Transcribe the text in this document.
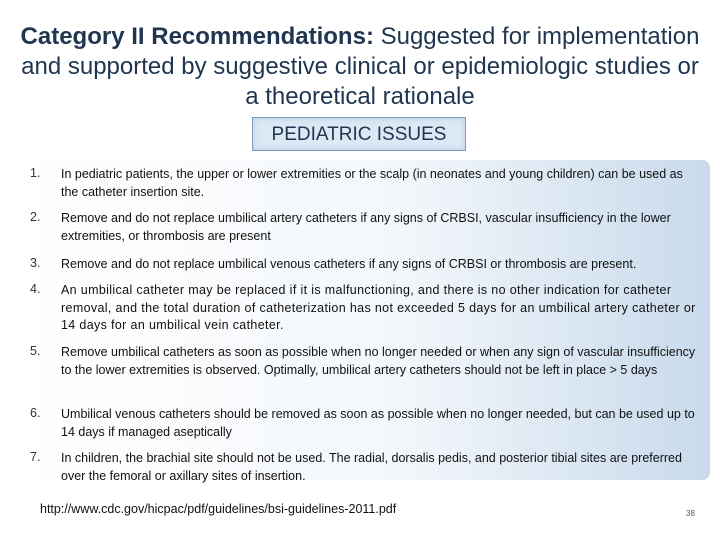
Category II Recommendations: Suggested for implementation and supported by suggestive clinical or epidemiologic studies or a theoretical rationale
PEDIATRIC ISSUES
1. In pediatric patients, the upper or lower extremities or the scalp (in neonates and young children) can be used as the catheter insertion site.
2. Remove and do not replace umbilical artery catheters if any signs of CRBSI, vascular insufficiency in the lower extremities, or thrombosis are present
3. Remove and do not replace umbilical venous catheters if any signs of CRBSI or thrombosis are present.
4. An umbilical catheter may be replaced if it is malfunctioning, and there is no other indication for catheter removal, and the total duration of catheterization has not exceeded 5 days for an umbilical artery catheter or 14 days for an umbilical vein catheter.
5. Remove umbilical catheters as soon as possible when no longer needed or when any sign of vascular insufficiency to the lower extremities is observed. Optimally, umbilical artery catheters should not be left in place > 5 days
6. Umbilical venous catheters should be removed as soon as possible when no longer needed, but can be used up to 14 days if managed aseptically
7. In children, the brachial site should not be used. The radial, dorsalis pedis, and posterior tibial sites are preferred over the femoral or axillary sites of insertion.
http://www.cdc.gov/hicpac/pdf/guidelines/bsi-guidelines-2011.pdf	38
